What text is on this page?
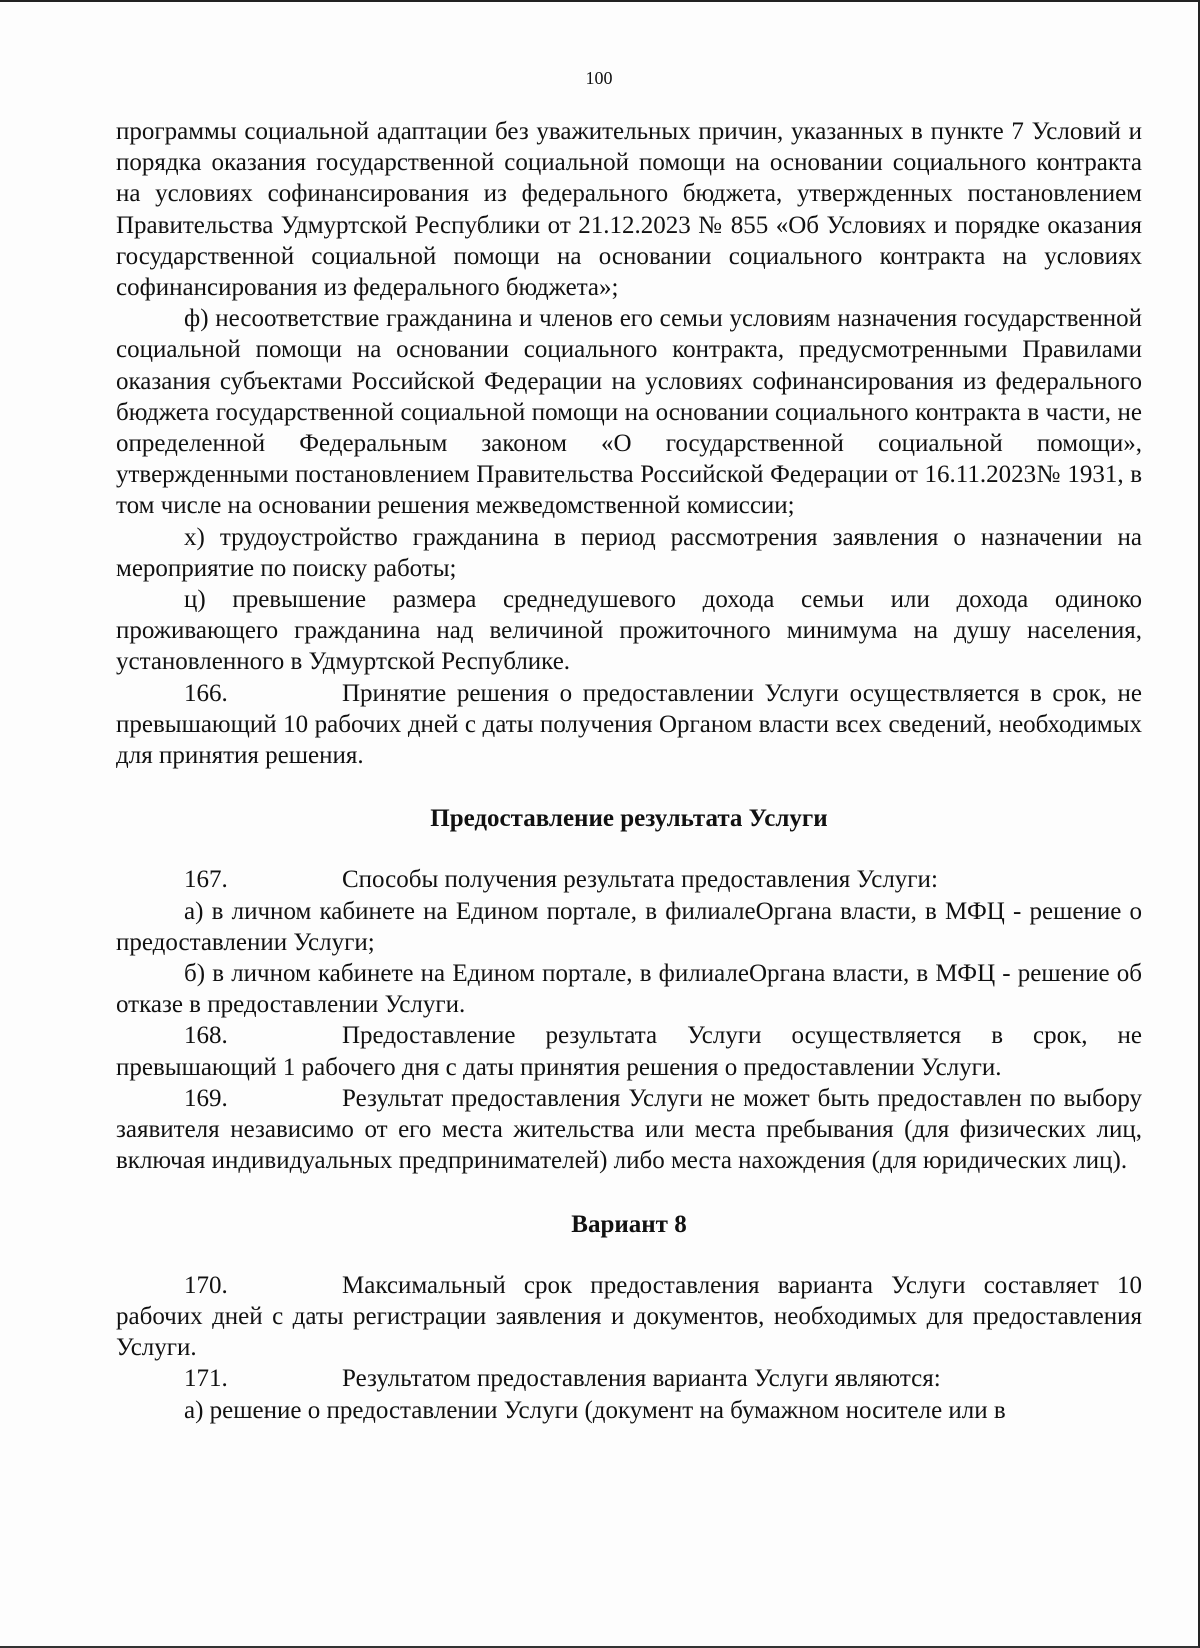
100

программы социальной адаптации без уважительных причин, указанных в пункте 7 Условий и порядка оказания государственной социальной помощи на основании социального контракта на условиях софинансирования из федерального бюджета, утвержденных постановлением Правительства Удмуртской Республики от 21.12.2023 № 855 «Об Условиях и порядке оказания государственной социальной помощи на основании социального контракта на условиях софинансирования из федерального бюджета»;

ф) несоответствие гражданина и членов его семьи условиям назначения государственной социальной помощи на основании социального контракта, предусмотренными Правилами оказания субъектами Российской Федерации на условиях софинансирования из федерального бюджета государственной социальной помощи на основании социального контракта в части, не определенной Федеральным законом «О государственной социальной помощи», утвержденными постановлением Правительства Российской Федерации от 16.11.2023№ 1931, в том числе на основании решения межведомственной комиссии;

х) трудоустройство гражданина в период рассмотрения заявления о назначении на мероприятие по поиску работы;

ц) превышение размера среднедушевого дохода семьи или дохода одиноко проживающего гражданина над величиной прожиточного минимума на душу населения, установленного в Удмуртской Республике.

166.	Принятие решения о предоставлении Услуги осуществляется в срок, не превышающий 10 рабочих дней с даты получения Органом власти всех сведений, необходимых для принятия решения.

Предоставление результата Услуги

167.	Способы получения результата предоставления Услуги:

а) в личном кабинете на Едином портале, в филиалеОргана власти, в МФЦ - решение о предоставлении Услуги;

б) в личном кабинете на Едином портале, в филиалеОргана власти, в МФЦ - решение об отказе в предоставлении Услуги.

168.	Предоставление результата Услуги осуществляется в срок, не превышающий 1 рабочего дня с даты принятия решения о предоставлении Услуги.

169.	Результат предоставления Услуги не может быть предоставлен по выбору заявителя независимо от его места жительства или места пребывания (для физических лиц, включая индивидуальных предпринимателей) либо места нахождения (для юридических лиц).

Вариант 8

170.	Максимальный срок предоставления варианта Услуги составляет 10 рабочих дней с даты регистрации заявления и документов, необходимых для предоставления Услуги.

171.	Результатом предоставления варианта Услуги являются:

а) решение о предоставлении Услуги (документ на бумажном носителе или в
